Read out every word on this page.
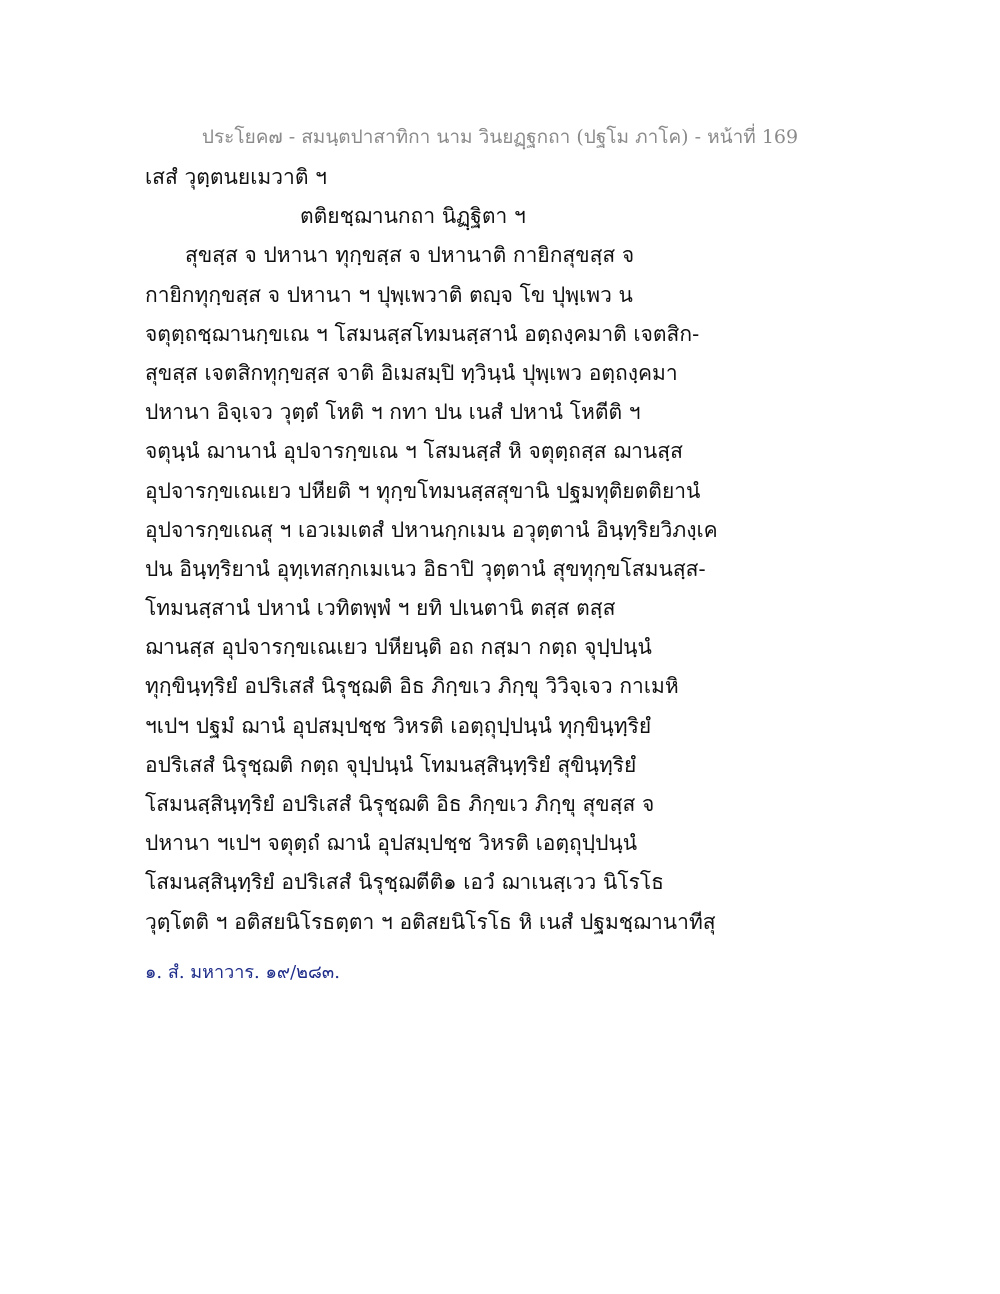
ประโยค๗ - สมนฺตปาสาทิกา นาม วินยฏฺฐกถา (ปฐโม ภาโค) - หน้าที่ 169
เสสํ วุตฺตนยเมวาติ ฯ
ตติยชฺฌานกถา นิฏฺฐิตา ฯ
สุขสฺส จ ปหานา ทุกฺขสฺส จ ปหานาติ กายิกสุขสฺส จ
กายิกทุกฺขสฺส จ ปหานา ฯ ปุพฺเพวาติ ตญฺจ โข ปุพฺเพว น
จตุตฺถชฺฌานกฺขเณ ฯ โสมนสฺสโทมนสฺสานํ อตฺถงฺคมาติ เจตสิก-
สุขสฺส เจตสิกทุกฺขสฺส จาติ อิเมสมฺปิ ทฺวินฺนํ ปุพฺเพว อตฺถงฺคมา
ปหานา อิจฺเจว วุตฺตํ โหติ ฯ กทา ปน เนสํ ปหานํ โหตีติ ฯ
จตุนฺนํ ฌานานํ อุปจารกฺขเณ ฯ โสมนสฺสํ หิ จตุตฺถสฺส ฌานสฺส
อุปจารกฺขเณเยว ปหียติ ฯ ทุกฺขโทมนสฺสสุขานิ ปฐมทุติยตติยานํ
อุปจารกฺขเณสุ ฯ เอวเมเตสํ ปหานกฺกเมน อวุตฺตานํ อินฺทฺริยวิภงฺเค
ปน อินฺทฺริยานํ อุทฺเทสกฺกเมเนว อิธาปิ วุตฺตานํ สุขทุกฺขโสมนสฺส-
โทมนสฺสานํ ปหานํ เวทิตพฺพํ ฯ ยทิ ปเนตานิ ตสฺส ตสฺส
ฌานสฺส อุปจารกฺขเณเยว ปหียนฺติ อถ กสฺมา กตฺถ จุปฺปนฺนํ
ทุกฺขินฺทฺริยํ อปริเสสํ นิรุชฺฌติ อิธ ภิกฺขเว ภิกฺขุ วิวิจฺเจว กาเมหิ
ฯเปฯ ปฐมํ ฌานํ อุปสมฺปชฺช วิหรติ เอตฺถุปฺปนฺนํ ทุกฺขินฺทฺริยํ
อปริเสสํ นิรุชฺฌติ กตฺถ จุปฺปนฺนํ โทมนสฺสินฺทฺริยํ สุขินฺทฺริยํ
โสมนสฺสินฺทฺริยํ อปริเสสํ นิรุชฺฌติ อิธ ภิกฺขเว ภิกฺขุ สุขสฺส จ
ปหานา ฯเปฯ จตุตฺถํ ฌานํ อุปสมฺปชฺช วิหรติ เอตฺถุปฺปนฺนํ
โสมนสฺสินฺทฺริยํ อปริเสสํ นิรุชฺฌตีติ๑ เอวํ ฌาเนสฺเวว นิโรโธ
วุตฺโตติ ฯ อติสยนิโรธตฺตา ฯ อติสยนิโรโธ หิ เนสํ ปฐมชฺฌานาทีสุ
๑. สํ. มหาวาร. ๑๙/๒๘๓.
